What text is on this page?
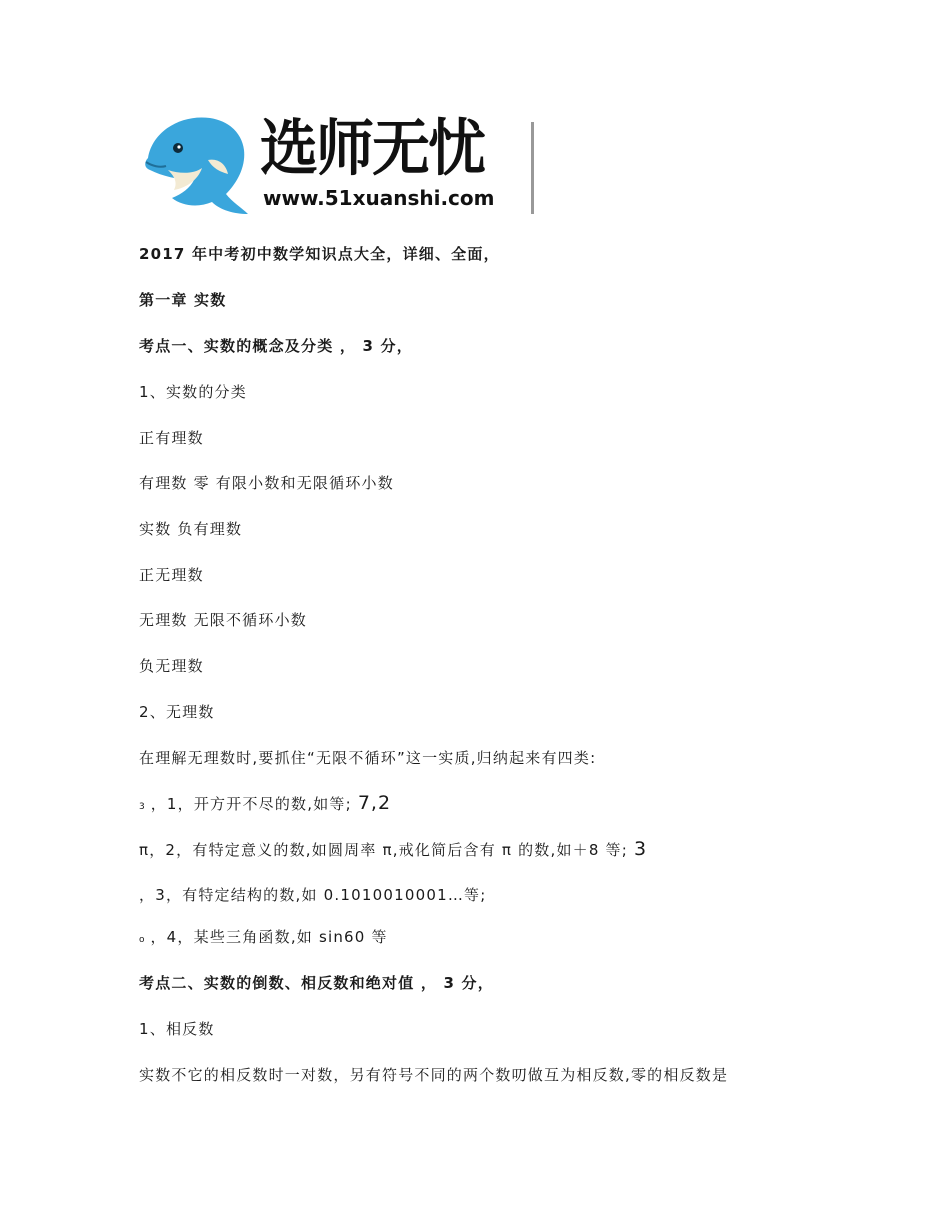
选师无忧
www.51xuanshi.com
2017 年中考初中数学知识点大全，详细、全面，
第一章 实数
考点一、实数的概念及分类 ， 3 分，
1、实数的分类
正有理数
有理数 零 有限小数和无限循环小数
实数 负有理数
正无理数
无理数 无限不循环小数
负无理数
2、无理数
在理解无理数时,要抓住“无限不循环”这一实质,归纳起来有四类:
3 ，1，开方开不尽的数,如等; 7,2
π，2，有特定意义的数,如圆周率 π,戒化简后含有 π 的数,如＋8 等; 3
，3，有特定结构的数,如 0.1010010001…等;
o ，4，某些三角函数,如 sin60 等
考点二、实数的倒数、相反数和绝对值 ， 3 分，
1、相反数
实数不它的相反数时一对数，另有符号不同的两个数叨做互为相反数,零的相反数是
